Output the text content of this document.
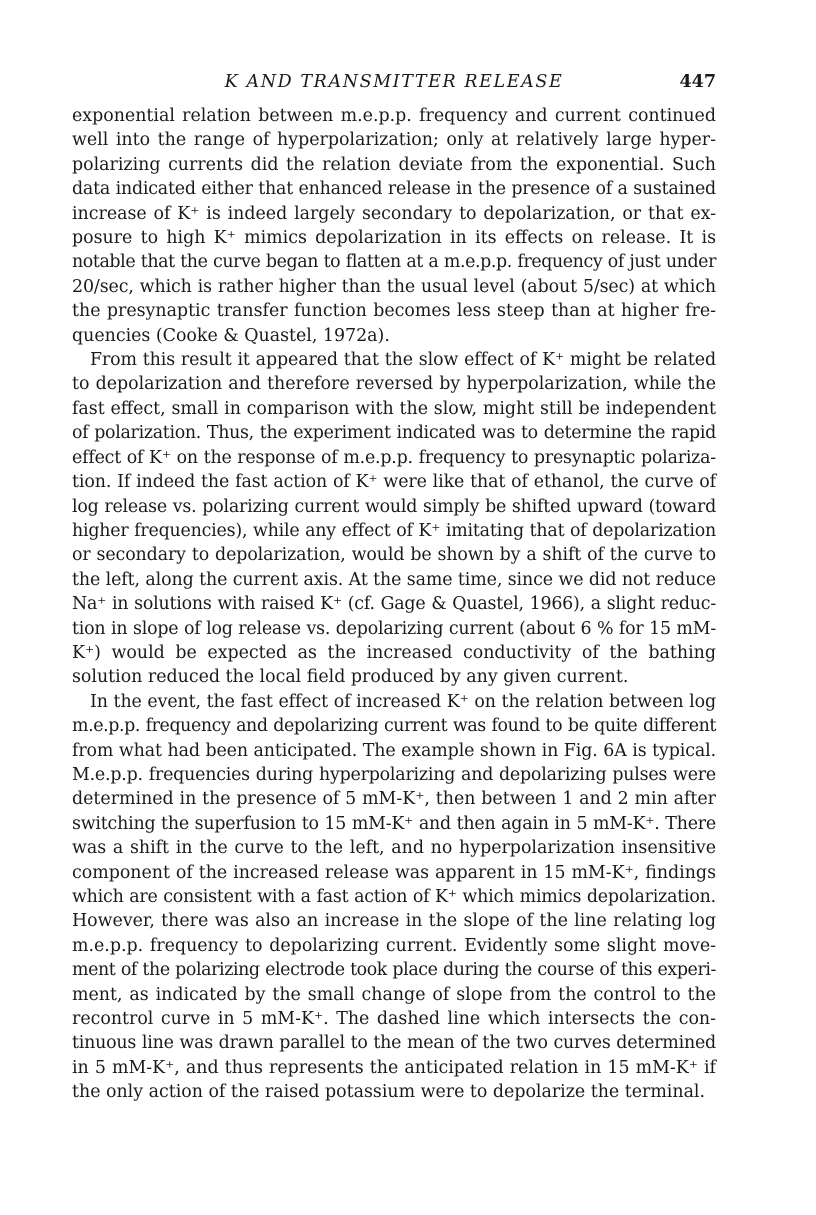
K AND TRANSMITTER RELEASE	447

exponential relation between m.e.p.p. frequency and current continued
well into the range of hyperpolarization; only at relatively large hyper-
polarizing currents did the relation deviate from the exponential. Such
data indicated either that enhanced release in the presence of a sustained
increase of K⁺ is indeed largely secondary to depolarization, or that ex-
posure to high K⁺ mimics depolarization in its effects on release. It is
notable that the curve began to flatten at a m.e.p.p. frequency of just under
20/sec, which is rather higher than the usual level (about 5/sec) at which
the presynaptic transfer function becomes less steep than at higher fre-
quencies (Cooke & Quastel, 1972a).

From this result it appeared that the slow effect of K⁺ might be related
to depolarization and therefore reversed by hyperpolarization, while the
fast effect, small in comparison with the slow, might still be independent
of polarization. Thus, the experiment indicated was to determine the rapid
effect of K⁺ on the response of m.e.p.p. frequency to presynaptic polariza-
tion. If indeed the fast action of K⁺ were like that of ethanol, the curve of
log release vs. polarizing current would simply be shifted upward (toward
higher frequencies), while any effect of K⁺ imitating that of depolarization
or secondary to depolarization, would be shown by a shift of the curve to
the left, along the current axis. At the same time, since we did not reduce
Na⁺ in solutions with raised K⁺ (cf. Gage & Quastel, 1966), a slight reduc-
tion in slope of log release vs. depolarizing current (about 6 % for 15 mM-
K⁺) would be expected as the increased conductivity of the bathing
solution reduced the local field produced by any given current.

In the event, the fast effect of increased K⁺ on the relation between log
m.e.p.p. frequency and depolarizing current was found to be quite different
from what had been anticipated. The example shown in Fig. 6A is typical.
M.e.p.p. frequencies during hyperpolarizing and depolarizing pulses were
determined in the presence of 5 mM-K⁺, then between 1 and 2 min after
switching the superfusion to 15 mM-K⁺ and then again in 5 mM-K⁺. There
was a shift in the curve to the left, and no hyperpolarization insensitive
component of the increased release was apparent in 15 mM-K⁺, findings
which are consistent with a fast action of K⁺ which mimics depolarization.
However, there was also an increase in the slope of the line relating log
m.e.p.p. frequency to depolarizing current. Evidently some slight move-
ment of the polarizing electrode took place during the course of this experi-
ment, as indicated by the small change of slope from the control to the
recontrol curve in 5 mM-K⁺. The dashed line which intersects the con-
tinuous line was drawn parallel to the mean of the two curves determined
in 5 mM-K⁺, and thus represents the anticipated relation in 15 mM-K⁺ if
the only action of the raised potassium were to depolarize the terminal.
